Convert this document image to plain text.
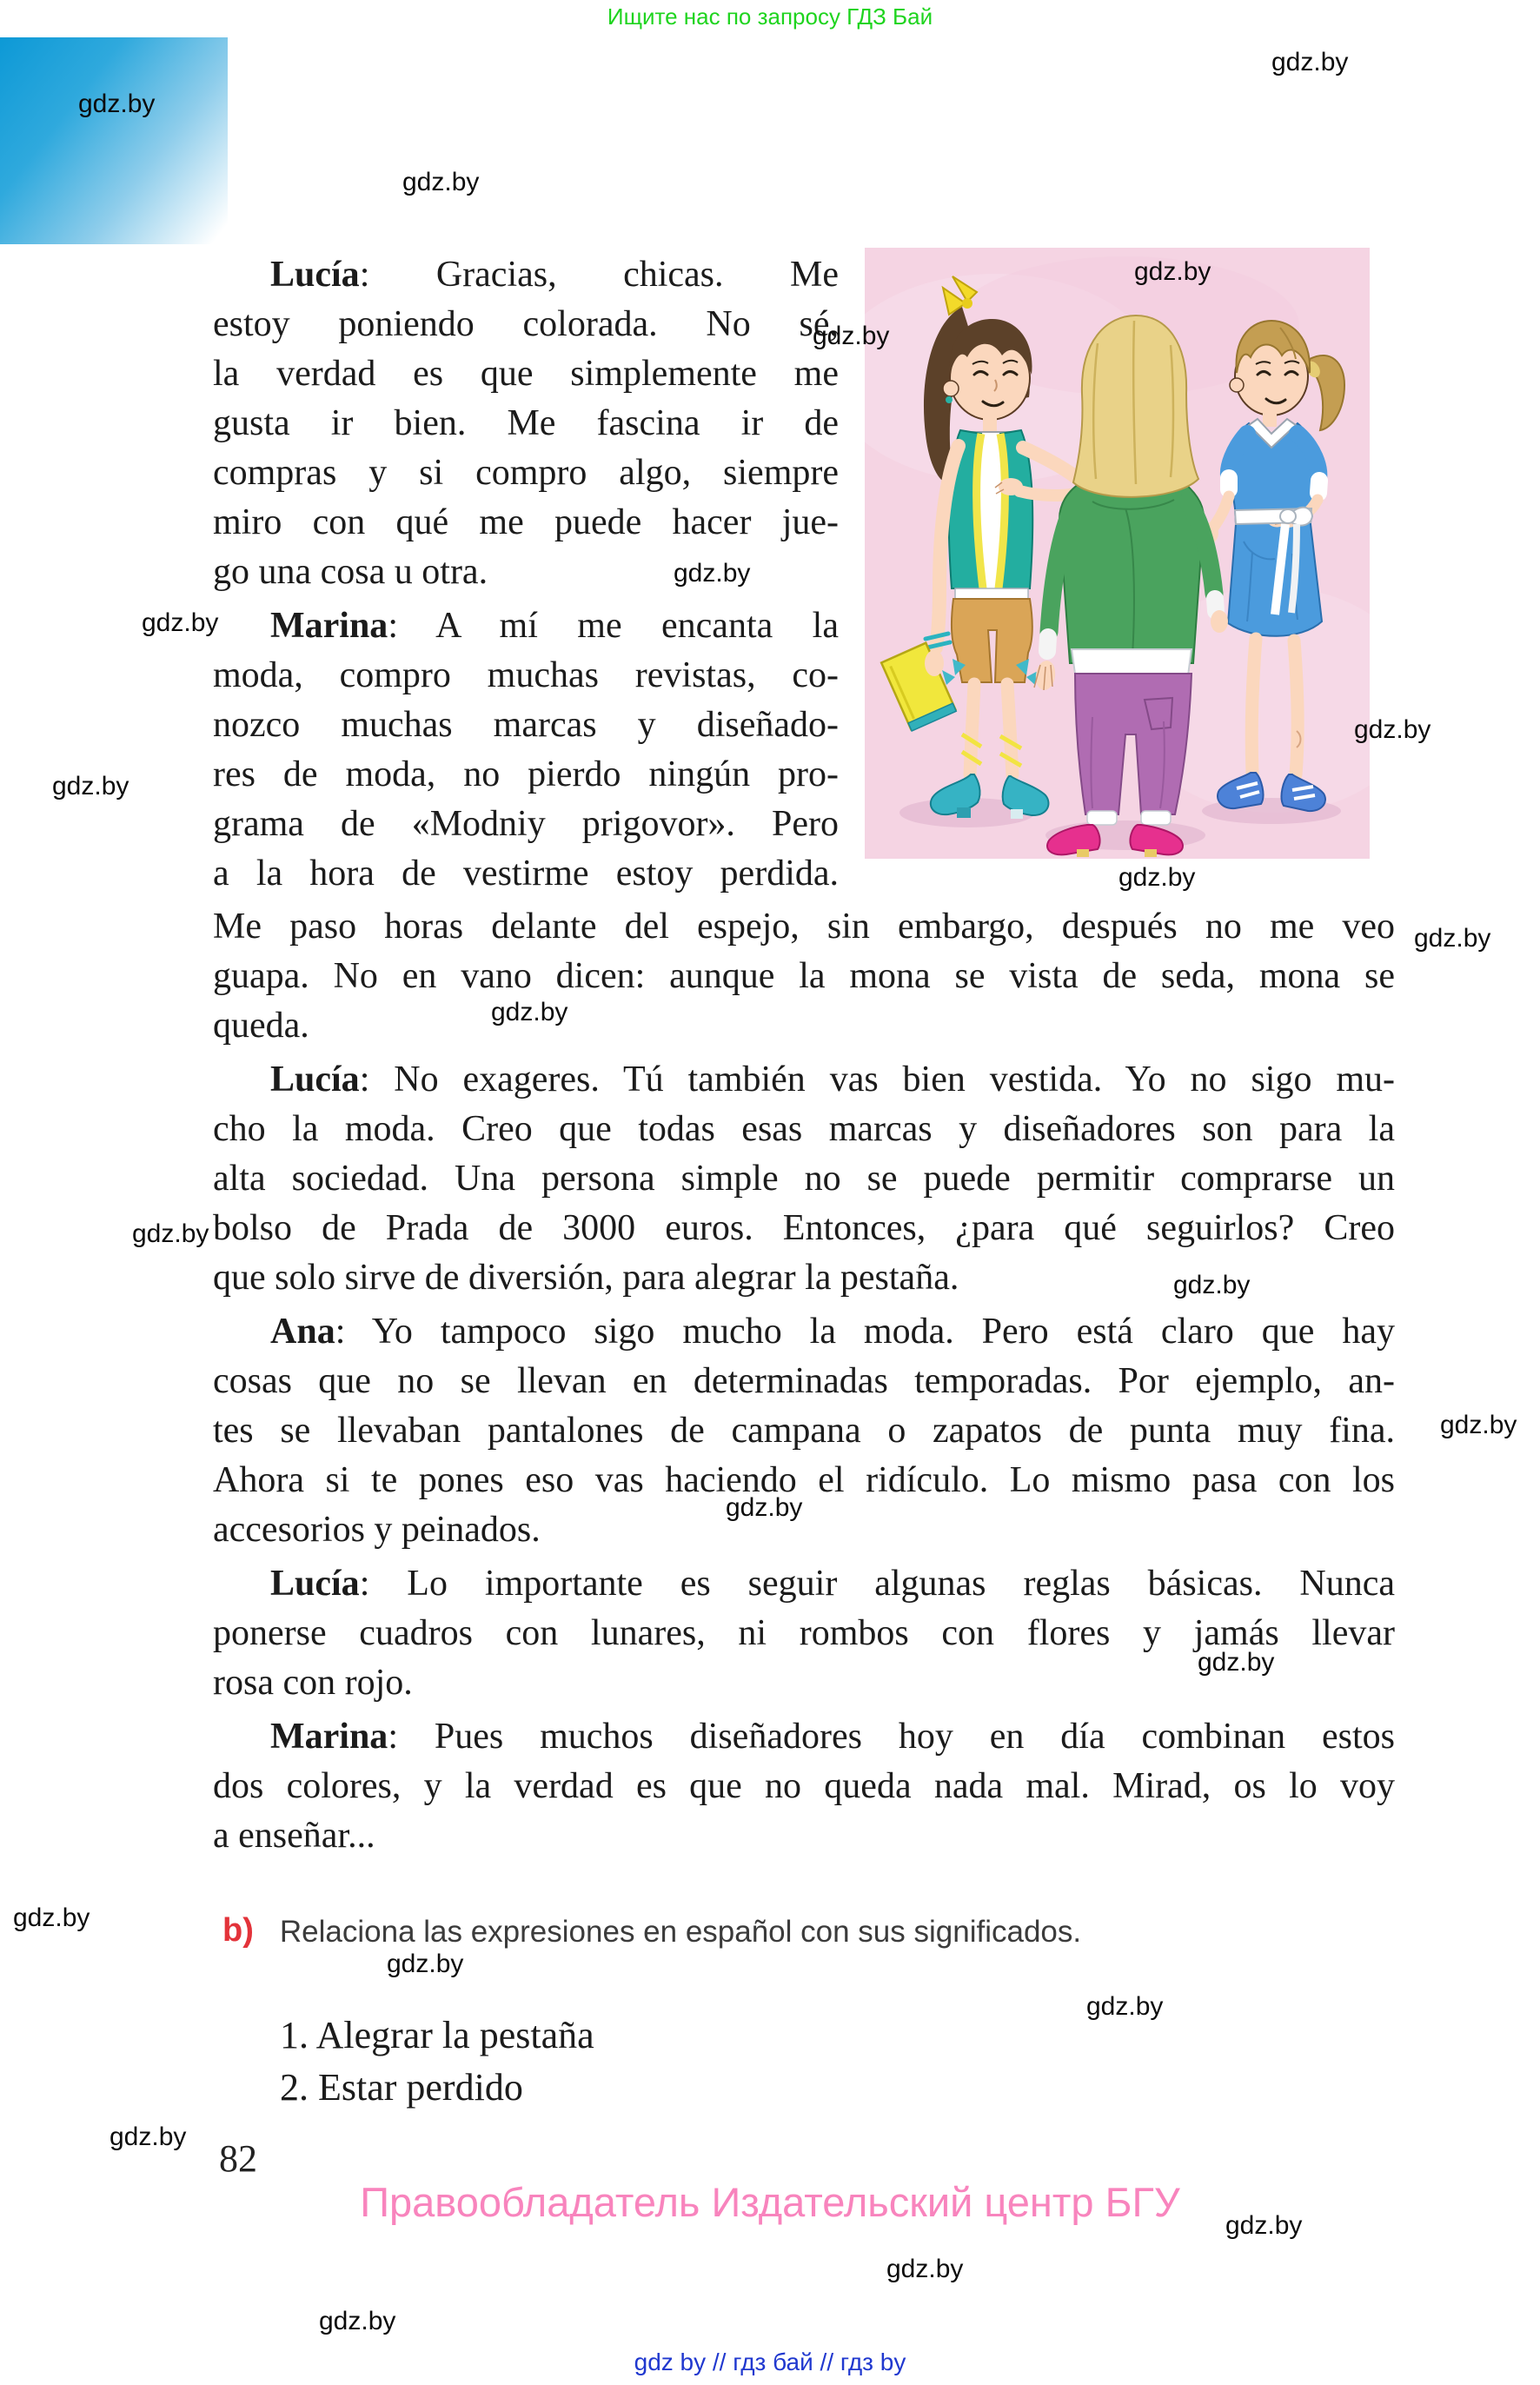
Ищите нас по запросу ГДЗ Бай
Lucía: Gracias, chicas. Me
estoy poniendo colorada. No sé,
la verdad es que simplemente me
gusta ir bien. Me fascina ir de
compras y si compro algo, siempre
miro con qué me puede hacer jue-
go una cosa u otra.
Marina: A mí me encanta la
moda, compro muchas revistas, co-
nozco muchas marcas y diseñado-
res de moda, no pierdo ningún pro-
grama de «Modniy prigovor». Pero
a la hora de vestirme estoy perdida.
Me paso horas delante del espejo, sin embargo, después no me veo
guapa. No en vano dicen: aunque la mona se vista de seda, mona se
queda.
Lucía: No exageres. Tú también vas bien vestida. Yo no sigo mu-
cho la moda. Creo que todas esas marcas y diseñadores son para la
alta sociedad. Una persona simple no se puede permitir comprarse un
bolso de Prada de 3000 euros. Entonces, ¿para qué seguirlos? Creo
que solo sirve de diversión, para alegrar la pestaña.
Ana: Yo tampoco sigo mucho la moda. Pero está claro que hay
cosas que no se llevan en determinadas temporadas. Por ejemplo, an-
tes se llevaban pantalones de campana o zapatos de punta muy fina.
Ahora si te pones eso vas haciendo el ridículo. Lo mismo pasa con los
accesorios y peinados.
Lucía: Lo importante es seguir algunas reglas básicas. Nunca
ponerse cuadros con lunares, ni rombos con flores y jamás llevar
rosa con rojo.
Marina: Pues muchos diseñadores hoy en día combinan estos
dos colores, y la verdad es que no queda nada mal. Mirad, os lo voy
a enseñar...
b) Relaciona las expresiones en español con sus significados.
1. Alegrar la pestaña
2. Estar perdido
82
Правообладатель Издательский центр БГУ
gdz by // гдз бай // гдз by
gdz.by
gdz.by
gdz.by
gdz.by
gdz.by
gdz.by
gdz.by
gdz.by
gdz.by
gdz.by
gdz.by
gdz.by
gdz.by
gdz.by
gdz.by
gdz.by
gdz.by
gdz.by
gdz.by
gdz.by
gdz.by
gdz.by
gdz.by
gdz.by
